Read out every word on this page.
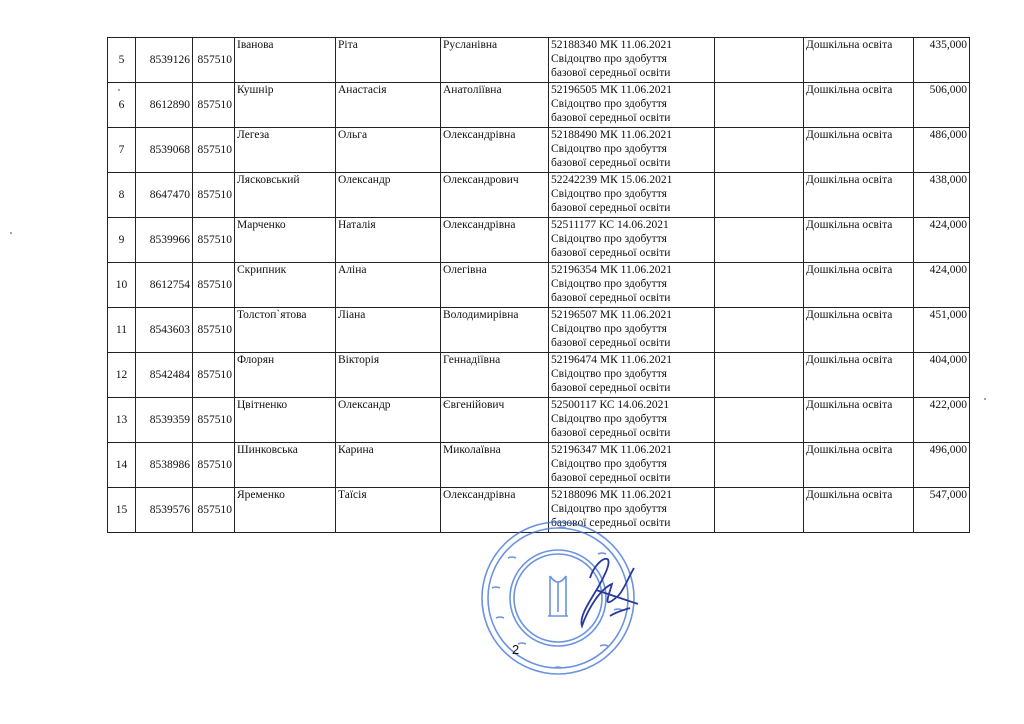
5	8539126	857510	Іванова	Ріта	Русланівна	52188340 МК 11.06.2021
Свідоцтво про здобуття
базової середньої освіти		Дошкільна освіта	435,000
6	8612890	857510	Кушнір	Анастасія	Анатоліївна	52196505 МК 11.06.2021
Свідоцтво про здобуття
базової середньої освіти		Дошкільна освіта	506,000
7	8539068	857510	Легеза	Ольга	Олександрівна	52188490 МК 11.06.2021
Свідоцтво про здобуття
базової середньої освіти		Дошкільна освіта	486,000
8	8647470	857510	Лясковський	Олександр	Олександрович	52242239 МК 15.06.2021
Свідоцтво про здобуття
базової середньої освіти		Дошкільна освіта	438,000
9	8539966	857510	Марченко	Наталія	Олександрівна	52511177 КС 14.06.2021
Свідоцтво про здобуття
базової середньої освіти		Дошкільна освіта	424,000
10	8612754	857510	Скрипник	Аліна	Олегівна	52196354 МК 11.06.2021
Свідоцтво про здобуття
базової середньої освіти		Дошкільна освіта	424,000
11	8543603	857510	Толстоп`ятова	Ліана	Володимирівна	52196507 МК 11.06.2021
Свідоцтво про здобуття
базової середньої освіти		Дошкільна освіта	451,000
12	8542484	857510	Флорян	Вікторія	Геннадіївна	52196474 МК 11.06.2021
Свідоцтво про здобуття
базової середньої освіти		Дошкільна освіта	404,000
13	8539359	857510	Цвітненко	Олександр	Євгенійович	52500117 КС 14.06.2021
Свідоцтво про здобуття
базової середньої освіти		Дошкільна освіта	422,000
14	8538986	857510	Шинковська	Карина	Миколаївна	52196347 МК 11.06.2021
Свідоцтво про здобуття
базової середньої освіти		Дошкільна освіта	496,000
15	8539576	857510	Яременко	Таїсія	Олександрівна	52188096 МК 11.06.2021
Свідоцтво про здобуття
базової середньої освіти		Дошкільна освіта	547,000
2
